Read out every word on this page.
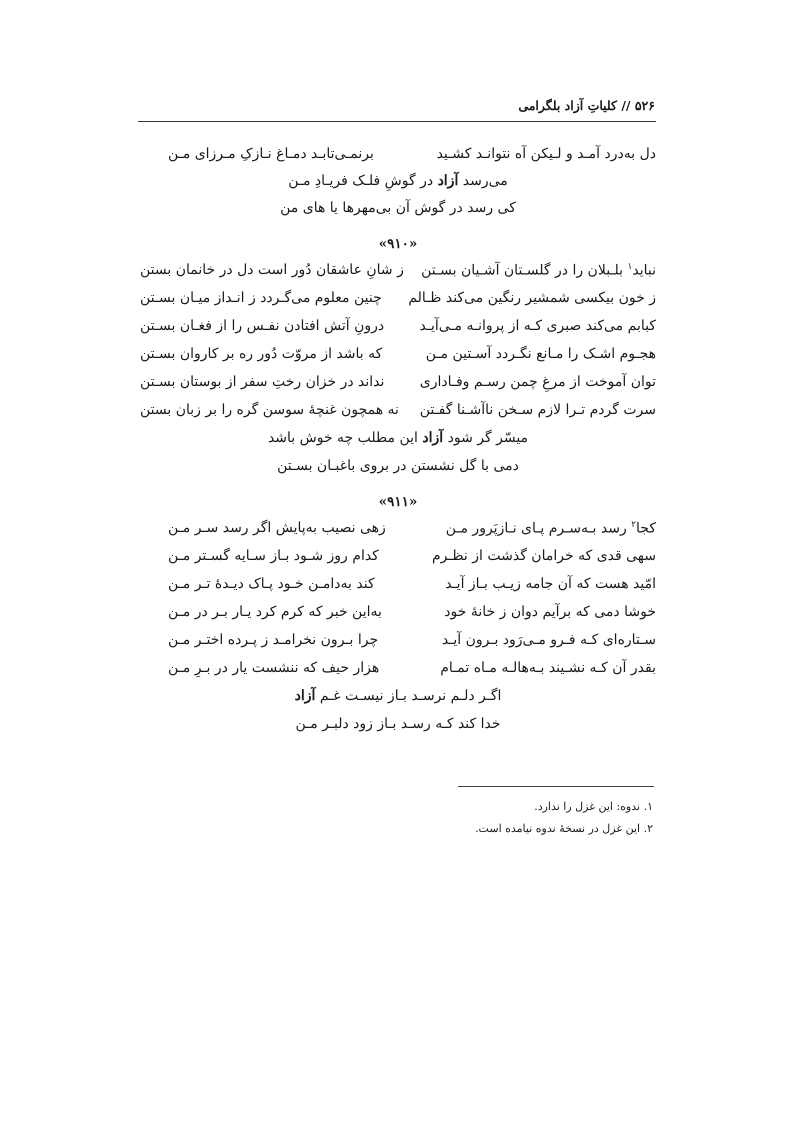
۵۲۶ // کلیاتِ آزاد بلگرامی
دل به‌درد آمـد و لـیکن آه نتوانـد کشـید
برنمـی‌تابـد دمـاغ نـازکِ مـرزای مـن
می‌رسد آزاد در گوشِ فلـک فریـادِ مـن
کی رسد در گوش آن بی‌مهرها یا های من
«۹۱۰»
نباید$^۱$ بلـبلان را در گلسـتان آشـیان بسـتن
ز شانِ عاشقان دُور است دل در خانمان بستن
ز خون بیکسی شمشیر رنگین می‌کند ظـالم
چنین معلوم می‌گـردد ز انـداز میـان بسـتن
کبابم می‌کند صبری کـه از پروانـه مـی‌آیـد
درونِ آتش افتادن نفـس را از فغـان بسـتن
هجـوم اشـک را مـانع نگـردد آسـتین مـن
که باشد از مروّت دُور ره بر کاروان بسـتن
توان آموخت از مرغِ چمن رسـم وفـاداری
نداند در خزان رختِ سفر از بوستان بسـتن
سرت گردم تـرا لازم سـخن ناآشـنا گفـتن
نه همچون غنچهٔ سوسن گره را بر زبان بستن
میسّر گر شود آزاد این مطلب چه خوش باشد
دمی با گل نشستن در بروی باغبـان بسـتن
«۹۱۱»
کجا$^۲$ رسد بـه‌سـرم پـای نـازپَرور مـن
زهی نصیب به‌پایش اگر رسد سـر مـن
سهی قدی که خرامان گذشت از نظـرم
کدام روز شـود بـاز سـایه گسـتر مـن
امّید هست که آن جامه زیـب بـاز آیـد
کند به‌دامـن خـود پـاک دیـدهٔ تـر مـن
خوشا دمی که برآیم دوان ز خانهٔ خود
به‌این خبر که کرم کرد یـار بـر در مـن
سـتاره‌ای کـه فـرو مـی‌رَود بـرون آیـد
چرا بـرون نخرامـد ز پـرده اختـر مـن
بقدر آن کـه نشـیند بـه‌هالـه مـاه تمـام
هزار حیف که ننشست یار در بـرِ مـن
اگـر دلـم نرسـد بـاز نیسـت غـم آزاد
خدا کند کـه رسـد بـاز زود دلبـر مـن
۱. ندوه: این غزل را ندارد.
۲. این غزل در نسخهٔ ندوه نیامده است.
